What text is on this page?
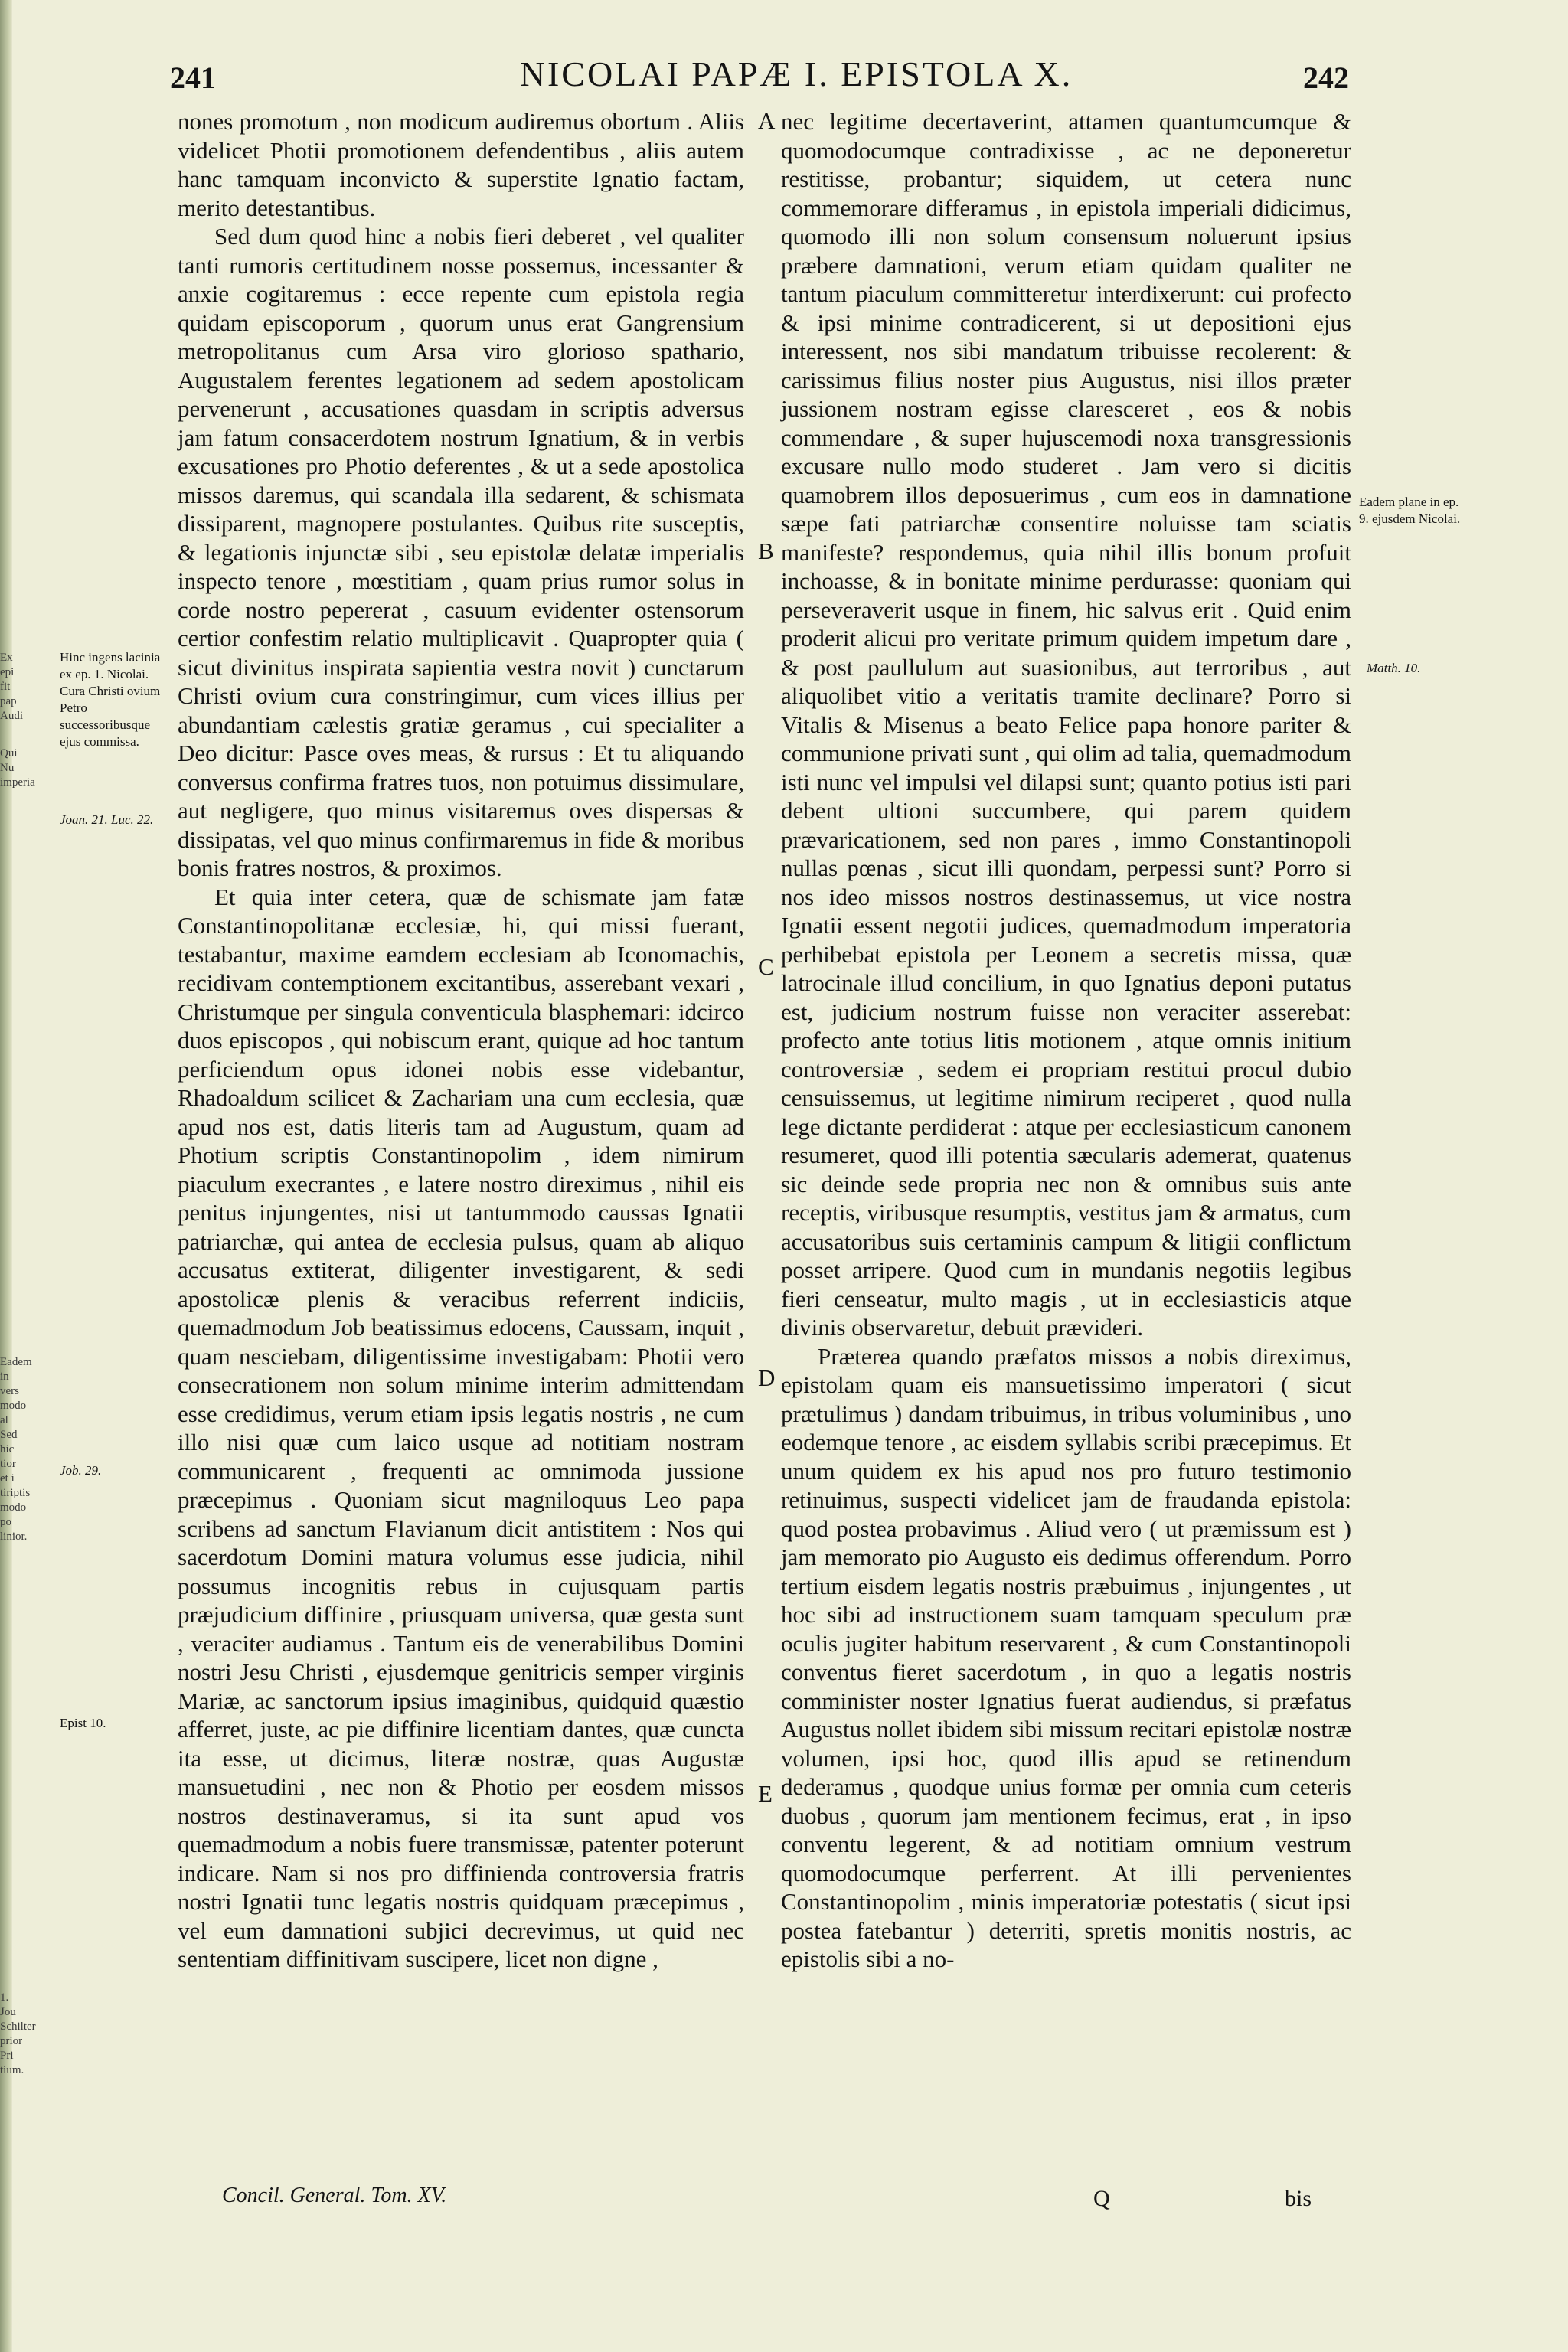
Ex epi fit pap Audi
Qui Nu imperia
Eadem in vers modo al Sed hic tior et i tiriptis modo po linior.
1. Jou Schilter prior Pri tium.
241	NICOLAI PAPÆ I. EPISTOLA X.	242

nones promotum , non modicum audiremus obortum . Aliis videlicet Photii promotionem defendentibus , aliis autem hanc tamquam inconvicto & superstite Ignatio factam, merito detestantibus.

Sed dum quod hinc a nobis fieri deberet , vel qualiter tanti rumoris certitudinem nosse possemus, incessanter & anxie cogitaremus : ecce repente cum epistola regia quidam episcoporum , quorum unus erat Gangrensium metropolitanus cum Arsa viro glorioso spathario, Augustalem ferentes legationem ad sedem apostolicam pervenerunt , accusationes quasdam in scriptis adversus jam fatum consacerdotem nostrum Ignatium, & in verbis excusationes pro Photio deferentes , & ut a sede apostolica missos daremus, qui scandala illa sedarent, & schismata dissiparent, magnopere postulantes. Quibus rite susceptis, & legationis injunctæ sibi , seu epistolæ delatæ imperialis inspecto tenore , mœstitiam , quam prius rumor solus in corde nostro pepererat , casuum evidenter ostensorum certior confestim relatio multiplicavit . Quapropter quia ( sicut divinitus inspirata sapientia vestra novit ) cunctarum Christi ovium cura constringimur, cum vices illius per abundantiam cælestis gratiæ geramus , cui specialiter a Deo dicitur: Pasce oves meas, & rursus : Et tu aliquando conversus confirma fratres tuos, non potuimus dissimulare, aut negligere, quo minus visitaremus oves dispersas & dissipatas, vel quo minus confirmaremus in fide & moribus bonis fratres nostros, & proximos.

Et quia inter cetera, quæ de schismate jam fatæ Constantinopolitanæ ecclesiæ, hi, qui missi fuerant, testabantur, maxime eamdem ecclesiam ab Iconomachis, recidivam contemptionem excitantibus, asserebant vexari , Christumque per singula conventicula blasphemari: idcirco duos episcopos , qui nobiscum erant, quique ad hoc tantum perficiendum opus idonei nobis esse videbantur, Rhadoaldum scilicet & Zachariam una cum ecclesia, quæ apud nos est, datis literis tam ad Augustum, quam ad Photium scriptis Constantinopolim , idem nimirum piaculum execrantes , e latere nostro direximus , nihil eis penitus injungentes, nisi ut tantummodo caussas Ignatii patriarchæ, qui antea de ecclesia pulsus, quam ab aliquo accusatus extiterat, diligenter investigarent, & sedi apostolicæ plenis & veracibus referrent indiciis, quemadmodum Job beatissimus edocens, Caussam, inquit , quam nesciebam, diligentissime investigabam: Photii vero consecrationem non solum minime interim admittendam esse credidimus, verum etiam ipsis legatis nostris , ne cum illo nisi quæ cum laico usque ad notitiam nostram communicarent , frequenti ac omnimoda jussione præcepimus . Quoniam sicut magniloquus Leo papa scribens ad sanctum Flavianum dicit antistitem : Nos qui sacerdotum Domini matura volumus esse judicia, nihil possumus incognitis rebus in cujusquam partis præjudicium diffinire , priusquam universa, quæ gesta sunt , veraciter audiamus . Tantum eis de venerabilibus Domini nostri Jesu Christi , ejusdemque genitricis semper virginis Mariæ, ac sanctorum ipsius imaginibus, quidquid quæstio afferret, juste, ac pie diffinire licentiam dantes, quæ cuncta ita esse, ut dicimus, literæ nostræ, quas Augustæ mansuetudini , nec non & Photio per eosdem missos nostros destinaveramus, si ita sunt apud vos quemadmodum a nobis fuere transmissæ, patenter poterunt indicare. Nam si nos pro diffinienda controversia fratris nostri Ignatii tunc legatis nostris quidquam præcepimus , vel eum damnationi subjici decrevimus, ut quid nec sententiam diffinitivam suscipere, licet non digne ,

nec legitime decertaverint, attamen quantumcumque & quomodocumque contradixisse , ac ne deponeretur restitisse, probantur; siquidem, ut cetera nunc commemorare differamus , in epistola imperiali didicimus, quomodo illi non solum consensum noluerunt ipsius præbere damnationi, verum etiam quidam qualiter ne tantum piaculum committeretur interdixerunt: cui profecto & ipsi minime contradicerent, si ut depositioni ejus interessent, nos sibi mandatum tribuisse recolerent: & carissimus filius noster pius Augustus, nisi illos præter jussionem nostram egisse claresceret , eos & nobis commendare , & super hujuscemodi noxa transgressionis excusare nullo modo studeret . Jam vero si dicitis quamobrem illos deposuerimus , cum eos in damnatione sæpe fati patriarchæ consentire noluisse tam sciatis manifeste? respondemus, quia nihil illis bonum profuit inchoasse, & in bonitate minime perdurasse: quoniam qui perseveraverit usque in finem, hic salvus erit . Quid enim proderit alicui pro veritate primum quidem impetum dare , & post paullulum aut suasionibus, aut terroribus , aut aliquolibet vitio a veritatis tramite declinare? Porro si Vitalis & Misenus a beato Felice papa honore pariter & communione privati sunt , qui olim ad talia, quemadmodum isti nunc vel impulsi vel dilapsi sunt; quanto potius isti pari debent ultioni succumbere, qui parem quidem prævaricationem, sed non pares , immo Constantinopoli nullas pœnas , sicut illi quondam, perpessi sunt? Porro si nos ideo missos nostros destinassemus, ut vice nostra Ignatii essent negotii judices, quemadmodum imperatoria perhibebat epistola per Leonem a secretis missa, quæ latrocinale illud concilium, in quo Ignatius deponi putatus est, judicium nostrum fuisse non veraciter asserebat: profecto ante totius litis motionem , atque omnis initium controversiæ , sedem ei propriam restitui procul dubio censuissemus, ut legitime nimirum reciperet , quod nulla lege dictante perdiderat : atque per ecclesiasticum canonem resumeret, quod illi potentia sæcularis ademerat, quatenus sic deinde sede propria nec non & omnibus suis ante receptis, viribusque resumptis, vestitus jam & armatus, cum accusatoribus suis certaminis campum & litigii conflictum posset arripere. Quod cum in mundanis negotiis legibus fieri censeatur, multo magis , ut in ecclesiasticis atque divinis observaretur, debuit prævideri.

Præterea quando præfatos missos a nobis direximus, epistolam quam eis mansuetissimo imperatori ( sicut prætulimus ) dandam tribuimus, in tribus voluminibus , uno eodemque tenore , ac eisdem syllabis scribi præcepimus. Et unum quidem ex his apud nos pro futuro testimonio retinuimus, suspecti videlicet jam de fraudanda epistola: quod postea probavimus . Aliud vero ( ut præmissum est ) jam memorato pio Augusto eis dedimus offerendum. Porro tertium eisdem legatis nostris præbuimus , injungentes , ut hoc sibi ad instructionem suam tamquam speculum præ oculis jugiter habitum reservarent , & cum Constantinopoli conventus fieret sacerdotum , in quo a legatis nostris comminister noster Ignatius fuerat audiendus, si præfatus Augustus nollet ibidem sibi missum recitari epistolæ nostræ volumen, ipsi hoc, quod illis apud se retinendum dederamus , quodque unius formæ per omnia cum ceteris duobus , quorum jam mentionem fecimus, erat , in ipso conventu legerent, & ad notitiam omnium vestrum quomodocumque perferrent. At illi pervenientes Constantinopolim , minis imperatoriæ potestatis ( sicut ipsi postea fatebantur ) deterriti, spretis monitis nostris, ac epistolis sibi a no-

A
B
C
D
E
Hinc ingens lacinia ex ep. 1. Nicolai. Cura Christi ovium Petro successoribusque ejus commissa.
Joan. 21. Luc. 22.
Job. 29.
Epist 10.
Eadem plane in ep. 9. ejusdem Nicolai.
Matth. 10.
Concil. General. Tom. XV.	Q	bis
